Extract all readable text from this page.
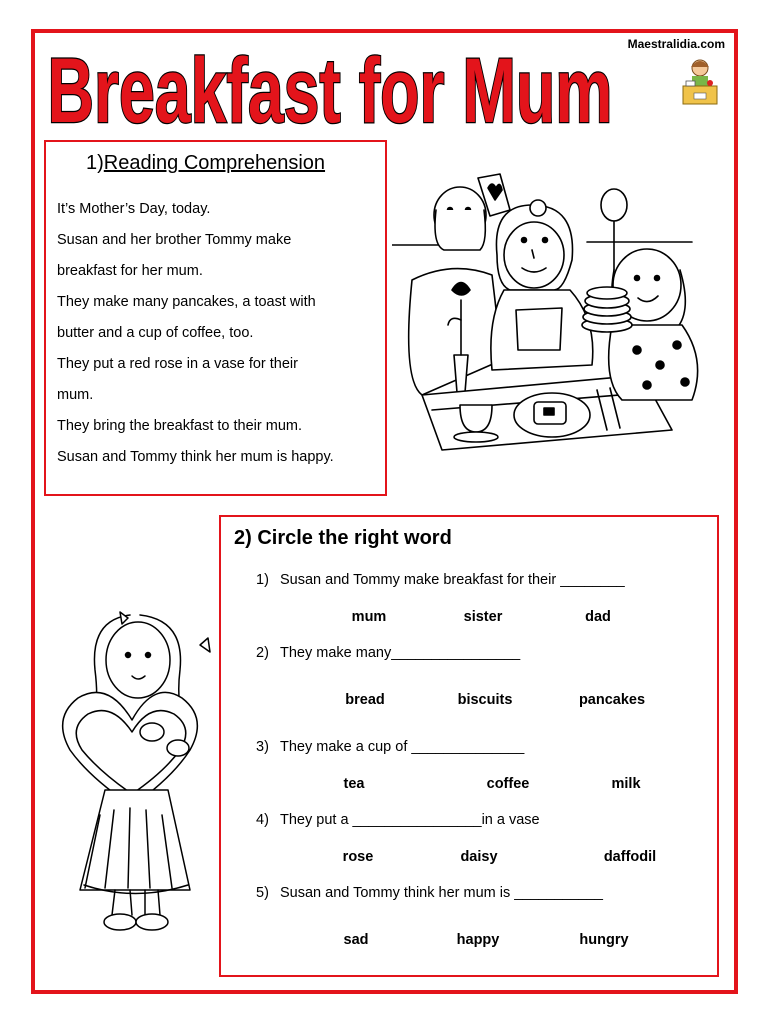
Maestralidia.com
Breakfast for Mum
1)Reading Comprehension
It’s Mother’s Day, today.
Susan and her brother Tommy make
breakfast for her mum.
They make many pancakes, a toast with
butter and a cup of coffee, too.
They put a red rose in a vase for their
mum.
They bring the breakfast to their mum.
Susan and Tommy think her mum is happy.
2) Circle the right word
1) Susan and Tommy make breakfast for their ________
mum	sister	dad
2) They make many________________
bread	biscuits	pancakes
3) They make a cup of ______________
tea	coffee	milk
4) They put a ________________in a vase
rose	daisy	daffodil
5) Susan and Tommy think her mum is ___________
sad	happy	hungry
